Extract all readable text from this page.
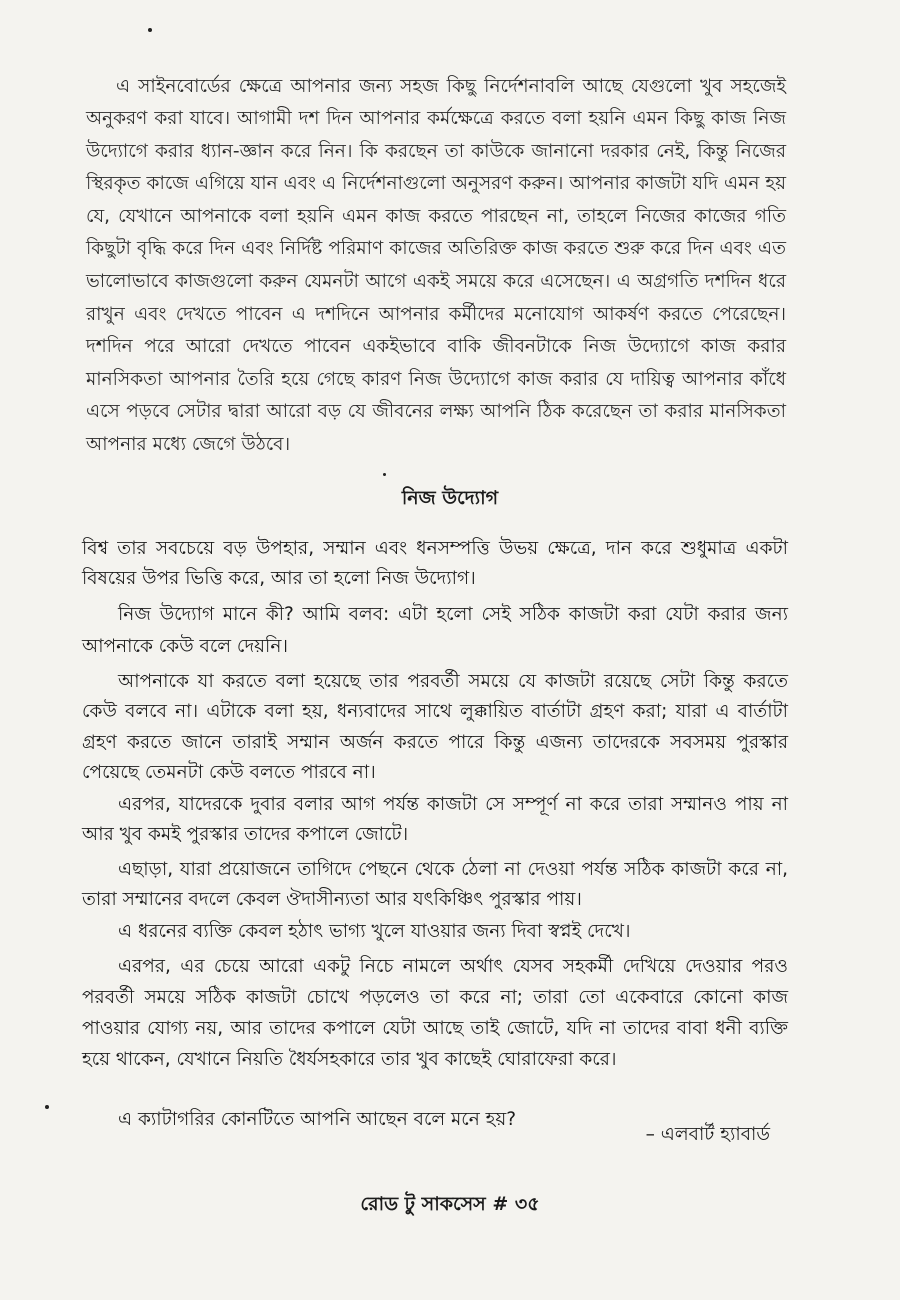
এ সাইনবোর্ডের ক্ষেত্রে আপনার জন্য সহজ কিছু নির্দেশনাবলি আছে যেগুলো খুব সহজেই অনুকরণ করা যাবে। আগামী দশ দিন আপনার কর্মক্ষেত্রে করতে বলা হয়নি এমন কিছু কাজ নিজ উদ্যোগে করার ধ্যান-জ্ঞান করে নিন। কি করছেন তা কাউকে জানানো দরকার নেই, কিন্তু নিজের স্থিরকৃত কাজে এগিয়ে যান এবং এ নির্দেশনাগুলো অনুসরণ করুন। আপনার কাজটা যদি এমন হয় যে, যেখানে আপনাকে বলা হয়নি এমন কাজ করতে পারছেন না, তাহলে নিজের কাজের গতি কিছুটা বৃদ্ধি করে দিন এবং নির্দিষ্ট পরিমাণ কাজের অতিরিক্ত কাজ করতে শুরু করে দিন এবং এত ভালোভাবে কাজগুলো করুন যেমনটা আগে একই সময়ে করে এসেছেন। এ অগ্রগতি দশদিন ধরে রাখুন এবং দেখতে পাবেন এ দশদিনে আপনার কর্মীদের মনোযোগ আকর্ষণ করতে পেরেছেন। দশদিন পরে আরো দেখতে পাবেন একইভাবে বাকি জীবনটাকে নিজ উদ্যোগে কাজ করার মানসিকতা আপনার তৈরি হয়ে গেছে কারণ নিজ উদ্যোগে কাজ করার যে দায়িত্ব আপনার কাঁধে এসে পড়বে সেটার দ্বারা আরো বড় যে জীবনের লক্ষ্য আপনি ঠিক করেছেন তা করার মানসিকতা আপনার মধ্যে জেগে উঠবে।

নিজ উদ্যোগ

বিশ্ব তার সবচেয়ে বড় উপহার, সম্মান এবং ধনসম্পত্তি উভয় ক্ষেত্রে, দান করে শুধুমাত্র একটা বিষয়ের উপর ভিত্তি করে, আর তা হলো নিজ উদ্যোগ।

নিজ উদ্যোগ মানে কী? আমি বলব: এটা হলো সেই সঠিক কাজটা করা যেটা করার জন্য আপনাকে কেউ বলে দেয়নি।

আপনাকে যা করতে বলা হয়েছে তার পরবর্তী সময়ে যে কাজটা রয়েছে সেটা কিন্তু করতে কেউ বলবে না। এটাকে বলা হয়, ধন্যবাদের সাথে লুক্কায়িত বার্তাটা গ্রহণ করা; যারা এ বার্তাটা গ্রহণ করতে জানে তারাই সম্মান অর্জন করতে পারে কিন্তু এজন্য তাদেরকে সবসময় পুরস্কার পেয়েছে তেমনটা কেউ বলতে পারবে না।

এরপর, যাদেরকে দুবার বলার আগ পর্যন্ত কাজটা সে সম্পূর্ণ না করে তারা সম্মানও পায় না আর খুব কমই পুরস্কার তাদের কপালে জোটে।

এছাড়া, যারা প্রয়োজনে তাগিদে পেছনে থেকে ঠেলা না দেওয়া পর্যন্ত সঠিক কাজটা করে না, তারা সম্মানের বদলে কেবল ঔদাসীন্যতা আর যৎকিঞ্চিৎ পুরস্কার পায়।

এ ধরনের ব্যক্তি কেবল হঠাৎ ভাগ্য খুলে যাওয়ার জন্য দিবা স্বপ্নই দেখে।

এরপর, এর চেয়ে আরো একটু নিচে নামলে অর্থাৎ যেসব সহকর্মী দেখিয়ে দেওয়ার পরও পরবর্তী সময়ে সঠিক কাজটা চোখে পড়লেও তা করে না; তারা তো একেবারে কোনো কাজ পাওয়ার যোগ্য নয়, আর তাদের কপালে যেটা আছে তাই জোটে, যদি না তাদের বাবা ধনী ব্যক্তি হয়ে থাকেন, যেখানে নিয়তি ধৈর্যসহকারে তার খুব কাছেই ঘোরাফেরা করে।

এ ক্যাটাগরির কোনটিতে আপনি আছেন বলে মনে হয়?

– এলবার্ট হ্যাবার্ড
রোড টু সাকসেস # ৩৫
